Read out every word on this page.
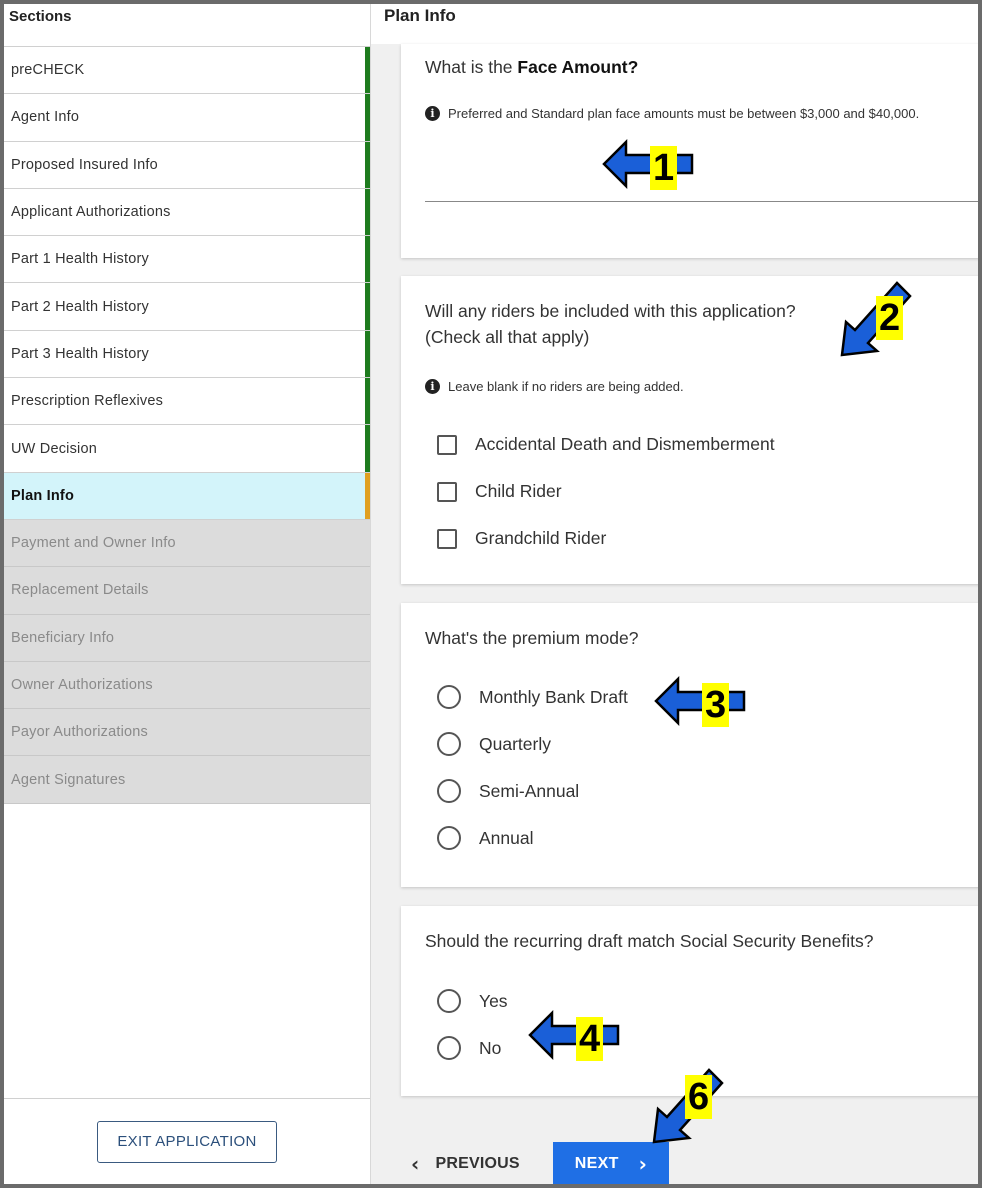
Sections
preCHECK
Agent Info
Proposed Insured Info
Applicant Authorizations
Part 1 Health History
Part 2 Health History
Part 3 Health History
Prescription Reflexives
UW Decision
Plan Info
Payment and Owner Info
Replacement Details
Beneficiary Info
Owner Authorizations
Payor Authorizations
Agent Signatures
EXIT APPLICATION
Plan Info
What is the Face Amount?
i	Preferred and Standard plan face amounts must be between $3,000 and $40,000.
Will any riders be included with this application?
(Check all that apply)
i	Leave blank if no riders are being added.
Accidental Death and Dismemberment
Child Rider
Grandchild Rider
What's the premium mode?
Monthly Bank Draft
Quarterly
Semi-Annual
Annual
Should the recurring draft match Social Security Benefits?
Yes
No
‹ PREVIOUS	NEXT ›
1
2
3
4
6
